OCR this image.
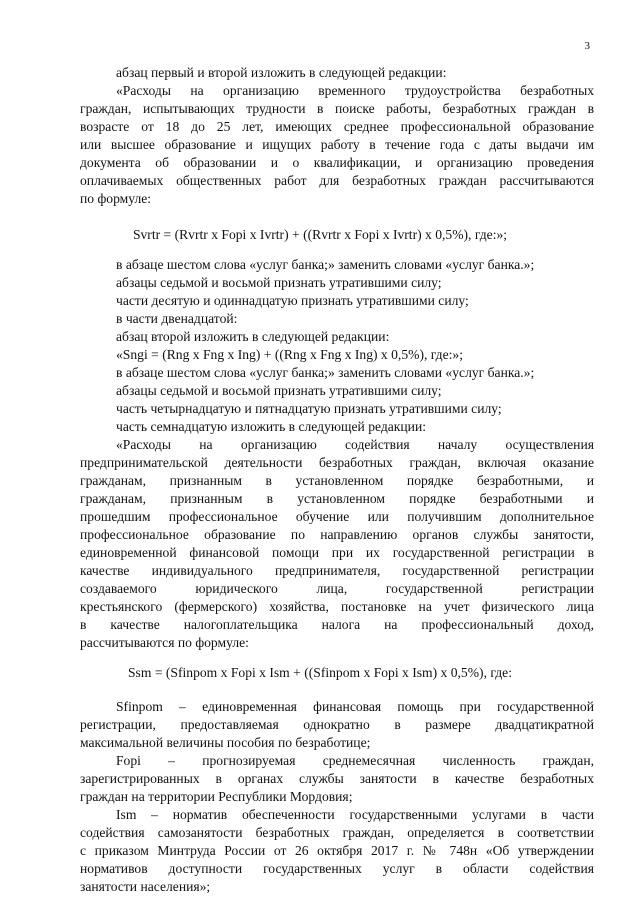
3
абзац первый и второй изложить в следующей редакции:
«Расходы на организацию временного трудоустройства безработных
граждан, испытывающих трудности в поиске работы, безработных граждан в
возрасте от 18 до 25 лет, имеющих среднее профессиональной образование
или высшее образование и ищущих работу в течение года с даты выдачи им
документа об образовании и о квалификации, и организацию проведения
оплачиваемых общественных работ для безработных граждан рассчитываются
по формуле:
Svrtr = (Rvrtr x Fopi x Ivrtr) + ((Rvrtr x Fopi x Ivrtr) x 0,5%), где:»;
в абзаце шестом слова «услуг банка;» заменить словами «услуг банка.»;
абзацы седьмой и восьмой признать утратившими силу;
части десятую и одиннадцатую признать утратившими силу;
в части двенадцатой:
абзац второй изложить в следующей редакции:
«Sngi = (Rng x Fng x Ing) + ((Rng x Fng x Ing) x 0,5%), где:»;
в абзаце шестом слова «услуг банка;» заменить словами «услуг банка.»;
абзацы седьмой и восьмой признать утратившими силу;
часть четырнадцатую и пятнадцатую признать утратившими силу;
часть семнадцатую изложить в следующей редакции:
«Расходы на организацию содействия началу осуществления
предпринимательской деятельности безработных граждан, включая оказание
гражданам, признанным в установленном порядке безработными, и
гражданам, признанным в установленном порядке безработными и
прошедшим профессиональное обучение или получившим дополнительное
профессиональное образование по направлению органов службы занятости,
единовременной финансовой помощи при их государственной регистрации в
качестве индивидуального предпринимателя, государственной регистрации
создаваемого юридического лица, государственной регистрации
крестьянского (фермерского) хозяйства, постановке на учет физического лица
в качестве налогоплательщика налога на профессиональный доход,
рассчитываются по формуле:
Ssm = (Sfinpom x Fopi x Ism + ((Sfinpom x Fopi x Ism) x 0,5%), где:
Sfinpom – единовременная финансовая помощь при государственной
регистрации, предоставляемая однократно в размере двадцатикратной
максимальной величины пособия по безработице;
Fopi – прогнозируемая среднемесячная численность граждан,
зарегистрированных в органах службы занятости в качестве безработных
граждан на территории Республики Мордовия;
Ism – норматив обеспеченности государственными услугами в части
содействия самозанятости безработных граждан, определяется в соответствии
с приказом Минтруда России от 26 октября 2017 г. № 748н «Об утверждении
нормативов доступности государственных услуг в области содействия
занятости населения»;
